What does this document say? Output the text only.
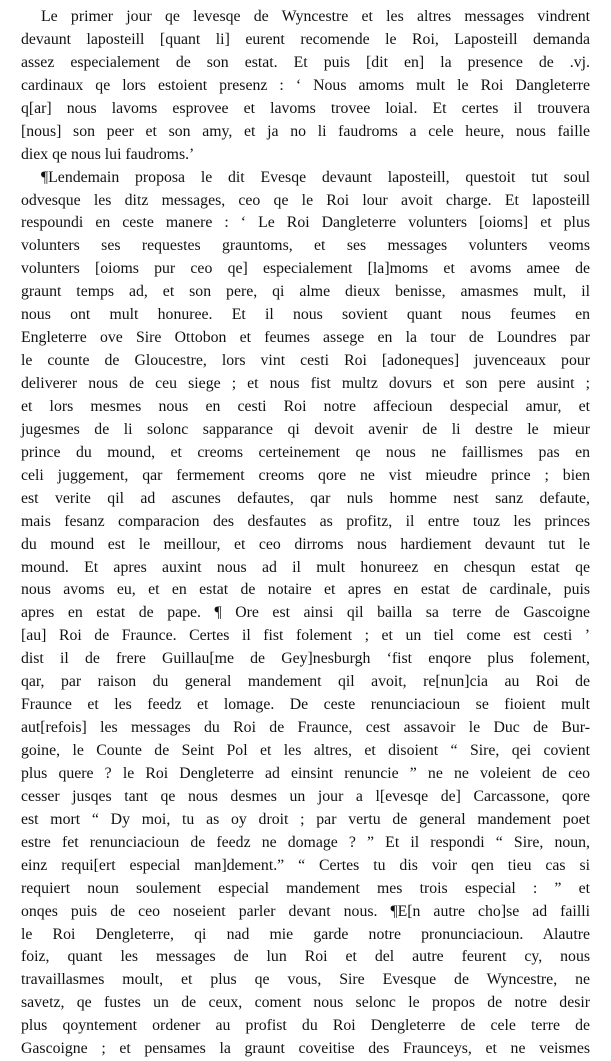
Le primer jour qe levesqe de Wyncestre et les altres messages vindrent
devaunt laposteill [quant li] eurent recomende le Roi, Laposteill demanda
assez especialement de son estat. Et puis [dit en] la presence de .vj.
cardinaux qe lors estoient presenz : ‘ Nous amoms mult le Roi Dangleterre
q[ar] nous lavoms esprovee et lavoms trovee loial. Et certes il trouvera
[nous] son peer et son amy, et ja no li faudroms a cele heure, nous faille
diex qe nous lui faudroms.’
¶Lendemain proposa le dit Evesqe devaunt laposteill, questoit tut soul
odvesque les ditz messages, ceo qe le Roi lour avoit charge. Et laposteill
respoundi en ceste manere : ‘ Le Roi Dangleterre volunters [oioms] et plus
volunters ses requestes grauntoms, et ses messages volunters veoms
volunters [oioms pur ceo qe] especialement [la]moms et avoms amee de
graunt temps ad, et son pere, qi alme dieux benisse, amasmes mult, il
nous ont mult honuree. Et il nous sovient quant nous feumes en
Engleterre ove Sire Ottobon et feumes assege en la tour de Loundres par
le counte de Gloucestre, lors vint cesti Roi [adoneques] juvenceaux pour
deliverer nous de ceu siege ; et nous fist multz dovurs et son pere ausint ;
et lors mesmes nous en cesti Roi notre affecioun despecial amur, et
jugesmes de li solonc sapparance qi devoit avenir de li destre le mieur
prince du mound, et creoms certeinement qe nous ne faillismes pas en
celi juggement, qar fermement creoms qore ne vist mieudre prince ; bien
est verite qil ad ascunes defautes, qar nuls homme nest sanz defaute,
mais fesanz comparacion des desfautes as profitz, il entre touz les princes
du mound est le meillour, et ceo dirroms nous hardiement devaunt tut le
mound. Et apres auxint nous ad il mult honureez en chesqun estat qe
nous avoms eu, et en estat de notaire et apres en estat de cardinale, puis
apres en estat de pape. ¶ Ore est ainsi qil bailla sa terre de Gascoigne
[au] Roi de Fraunce. Certes il fist folement ; et un tiel come est cesti ’
dist il de frere Guillau[me de Gey]nesburgh ‘fist enqore plus folement,
qar, par raison du general mandement qil avoit, re[nun]cia au Roi de
Fraunce et les feedz et lomage. De ceste renunciacioun se fioient mult
aut[refois] les messages du Roi de Fraunce, cest assavoir le Duc de Bur-
goine, le Counte de Seint Pol et les altres, et disoient “ Sire, qei covient
plus quere ? le Roi Dengleterre ad einsint renuncie ” ne ne voleient de ceo
cesser jusqes tant qe nous desmes un jour a l[evesqe de] Carcassone, qore
est mort “ Dy moi, tu as oy droit ; par vertu de general mandement poet
estre fet renunciacioun de feedz ne domage ? ” Et il respondi “ Sire, noun,
einz requi[ert especial man]dement.” “ Certes tu dis voir qen tieu cas si
requiert noun soulement especial mandement mes trois especial : ” et
onqes puis de ceo noseient parler devant nous. ¶E[n autre cho]se ad failli
le Roi Dengleterre, qi nad mie garde notre pronunciacioun. Alautre
foiz, quant les messages de lun Roi et del autre feurent cy, nous
travaillasmes moult, et plus qe vous, Sire Evesque de Wyncestre, ne
savetz, qe fustes un de ceux, coment nous selonc le propos de notre desir
plus qoyntement ordener au profist du Roi Dengleterre de cele terre de
Gascoigne ; et pensames la graunt coveitise des Frаunceys, et ne veismes
